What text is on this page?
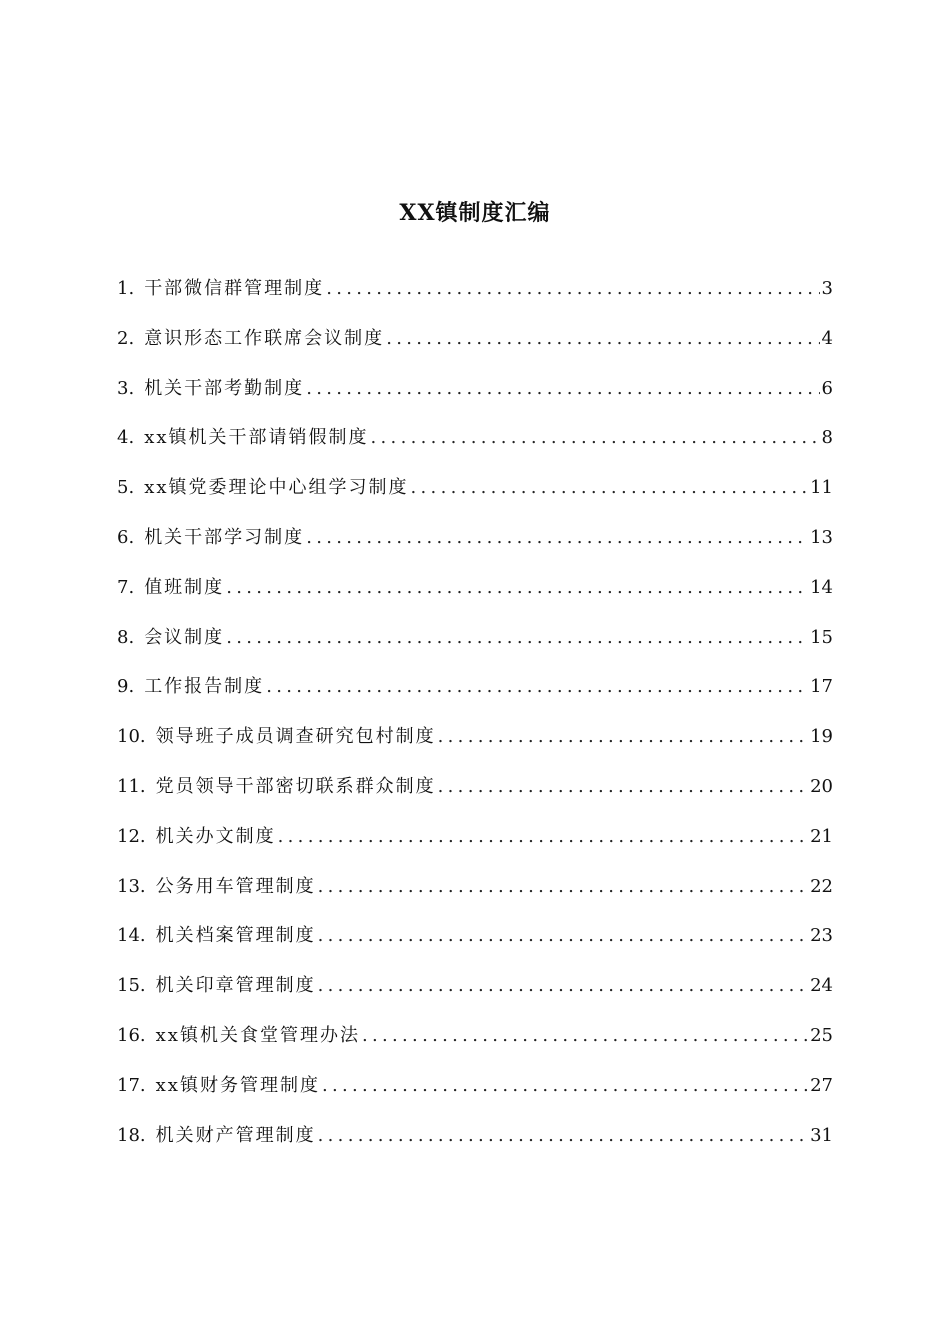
XX镇制度汇编
1. 干部微信群管理制度 .....	3
2. 意识形态工作联席会议制度 .....	4
3. 机关干部考勤制度 .....	6
4. xx镇机关干部请销假制度 .....	8
5. xx镇党委理论中心组学习制度 .....	11
6. 机关干部学习制度 .....	13
7. 值班制度 .....	14
8. 会议制度 .....	15
9. 工作报告制度 .....	17
10. 领导班子成员调查研究包村制度 .....	19
11. 党员领导干部密切联系群众制度 .....	20
12. 机关办文制度 .....	21
13. 公务用车管理制度 .....	22
14. 机关档案管理制度 .....	23
15. 机关印章管理制度 .....	24
16. xx镇机关食堂管理办法 .....	25
17. xx镇财务管理制度 .....	27
18. 机关财产管理制度 .....	31
